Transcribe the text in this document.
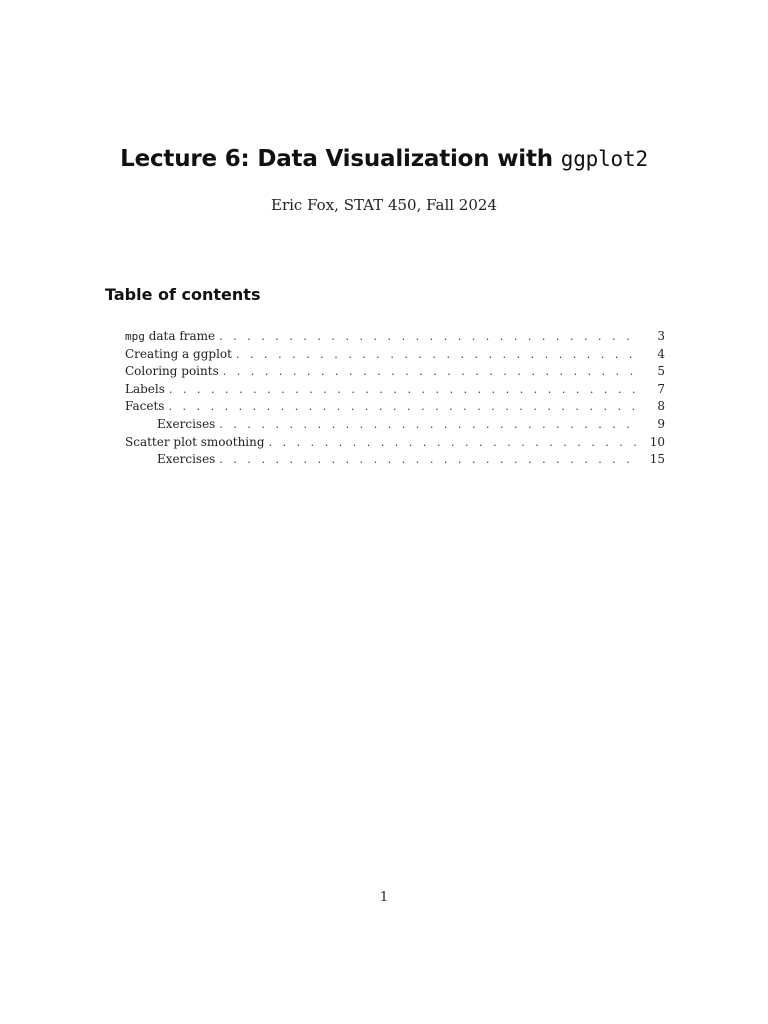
Lecture 6: Data Visualization with ggplot2
Eric Fox, STAT 450, Fall 2024
Table of contents
mpg data frame . . .	3
Creating a ggplot . . .	4
Coloring points . . .	5
Labels . . .	7
Facets . . .	8
Exercises . . .	9
Scatter plot smoothing . . .	10
Exercises . . .	15
1
